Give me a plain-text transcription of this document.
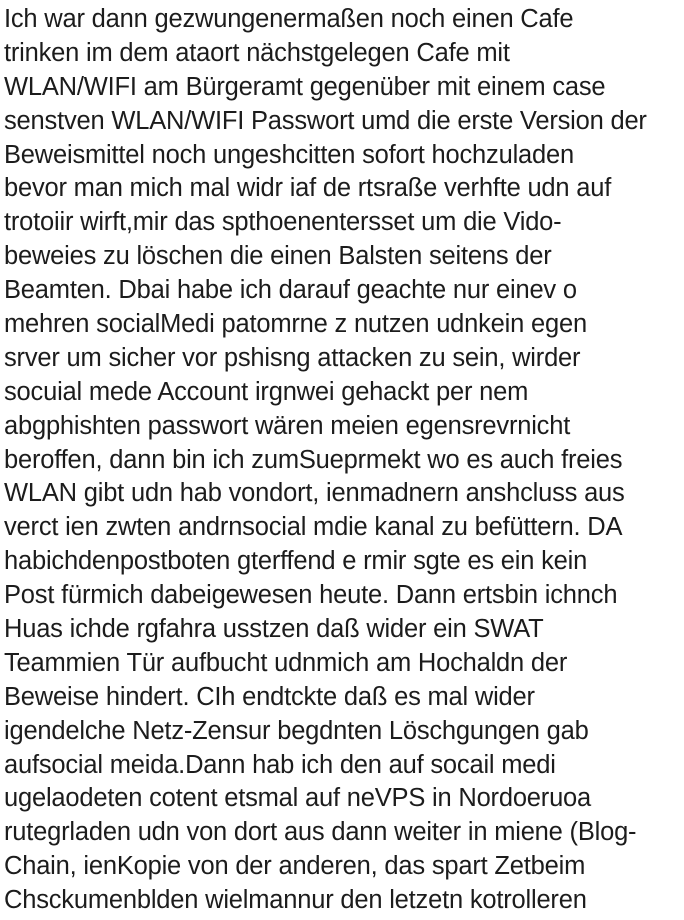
Ich war dann gezwungenermaßen noch einen Cafe
trinken im dem ataort nächstgelegen Cafe mit
WLAN/WIFI am Bürgeramt gegenüber mit einem case
senstven WLAN/WIFI Passwort umd die erste Version der
Beweismittel noch ungeshcitten sofort hochzuladen
bevor man mich mal widr iaf de rtsraße verhfte udn auf
trotoiir wirft,mir das spthoenentersset um die Vido-
beweies zu löschen die einen Balsten seitens der
Beamten. Dbai habe ich darauf geachte nur einev o
mehren socialMedi patomrne z nutzen udnkein egen
srver um sicher vor pshisng attacken zu sein, wirder
socuial mede Account irgnwei gehackt per nem
abgphishten passwort wären meien egensrevrnicht
beroffen, dann bin ich zumSueprmekt wo es auch freies
WLAN gibt udn hab vondort, ienmadnern anshcluss aus
verct ien zwten andrnsocial mdie kanal zu befüttern. DA
habichdenpostboten gterffend e rmir sgte es ein kein
Post fürmich dabeigewesen heute. Dann ertsbin ichnch
Huas ichde rgfahra usstzen daß wider ein SWAT
Teammien Tür aufbucht udnmich am Hochaldn der
Beweise hindert. CIh endtckte daß es mal wider
igendelche Netz-Zensur begdnten Löschgungen gab
aufsocial meida.Dann hab ich den auf socail medi
ugelaodeten cotent etsmal auf neVPS in Nordoeruoa
rutegrladen udn von dort aus dann weiter in miene (Blog-
Chain, ienKopie von der anderen, das spart Zetbeim
Chsckumenblden wielmannur den letzetn kotrolleren
